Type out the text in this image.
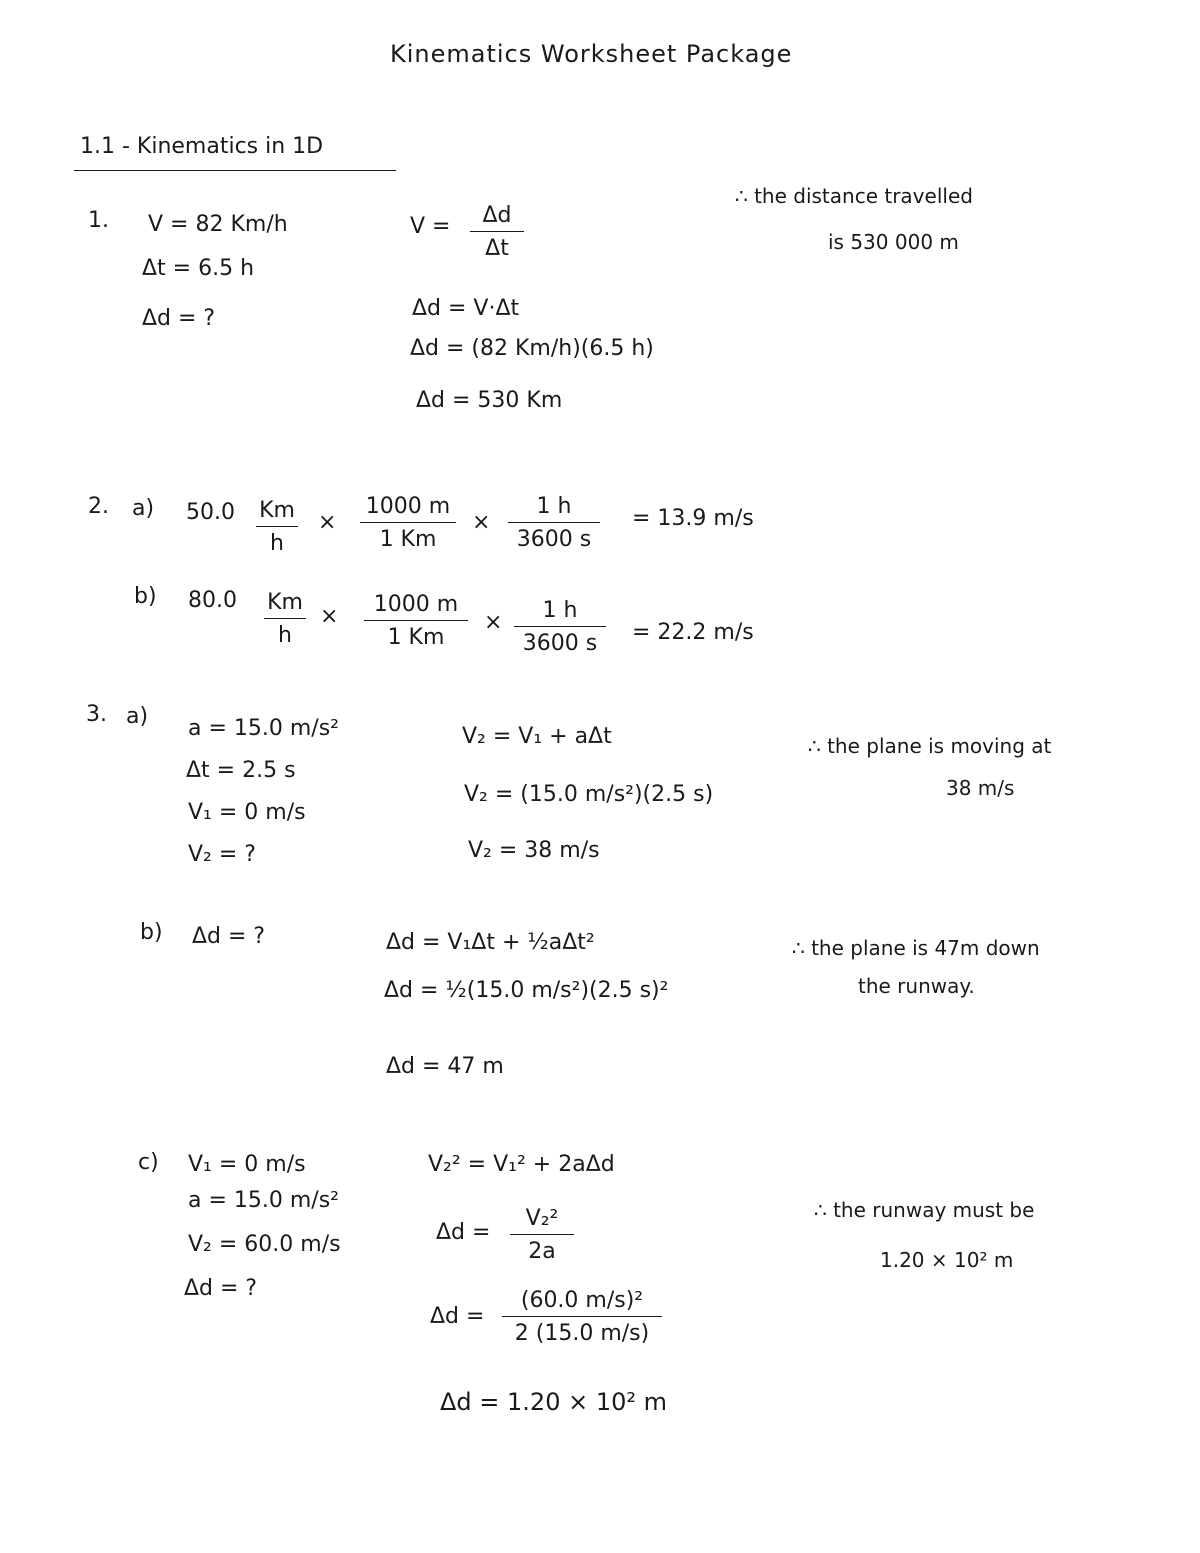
Kinematics Worksheet Package
1.1 - Kinematics in 1D
1. V = 82 Km/h
Δt = 6.5 h
Δd = ?
$V = \frac{\Delta d}{\Delta t}$
Δd = V·Δt
Δd = (82 Km/h)(6.5 h)
Δd = 530 Km
∴ the distance travelled
is 530 000 m
2. a) $50.0 \frac{Km}{h} \times \frac{1000 m}{1 Km} \times \frac{1 h}{3600 s} = 13.9$ m/s
b) $80.0 \frac{Km}{h} \times \frac{1000 m}{1 Km} \times \frac{1 h}{3600 s} = 22.2$ m/s
3. a) a = 15.0 m/s²
Δt = 2.5 s
V₁ = 0 m/s
V₂ = ?
V₂ = V₁ + aΔt
V₂ = (15.0 m/s²)(2.5 s)
V₂ = 38 m/s
∴ the plane is moving at
38 m/s
b) Δd = ?	Δd = V₁Δt + ½aΔt²
Δd = ½(15.0 m/s²)(2.5 s)²
Δd = 47 m
∴ the plane is 47m down
the runway.
c) V₁ = 0 m/s
a = 15.0 m/s²
V₂ = 60.0 m/s
Δd = ?
V₂² = V₁² + 2aΔd
$\Delta d = \frac{\text{V₂²}}{2a}$
$\Delta d = \frac{\text{(60.0 m/s)²}}{2 (15.0 m/s)}$
Δd = 1.20 × 10² m
∴ the runway must be
1.20 × 10² m
